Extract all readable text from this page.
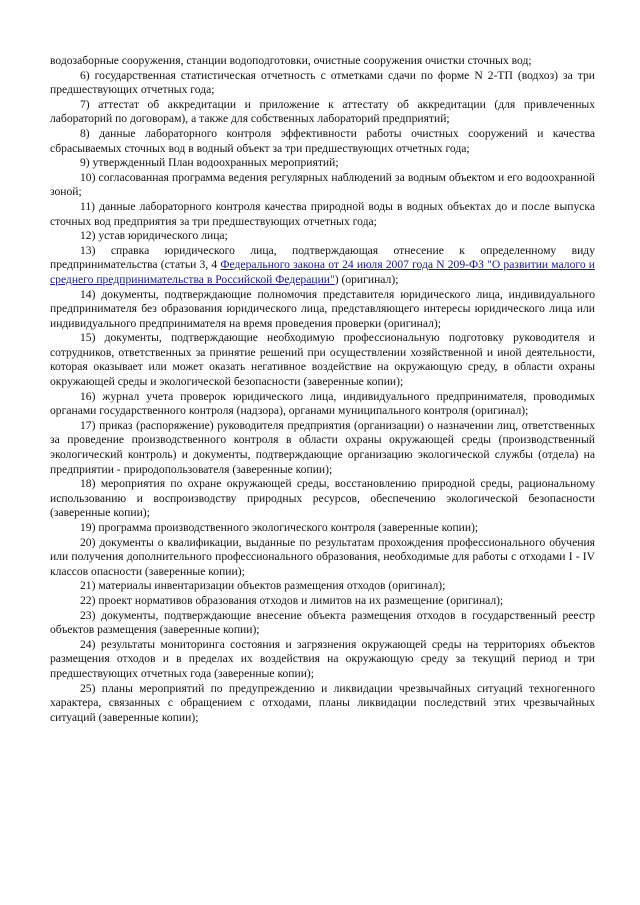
водозаборные сооружения, станции водоподготовки, очистные сооружения очистки сточных вод;

6) государственная статистическая отчетность с отметками сдачи по форме N 2-ТП (водхоз) за три предшествующих отчетных года;

7) аттестат об аккредитации и приложение к аттестату об аккредитации (для привлеченных лабораторий по договорам), а также для собственных лабораторий предприятий;

8) данные лабораторного контроля эффективности работы очистных сооружений и качества сбрасываемых сточных вод в водный объект за три предшествующих отчетных года;

9) утвержденный План водоохранных мероприятий;

10) согласованная программа ведения регулярных наблюдений за водным объектом и его водоохранной зоной;

11) данные лабораторного контроля качества природной воды в водных объектах до и после выпуска сточных вод предприятия за три предшествующих отчетных года;

12) устав юридического лица;

13) справка юридического лица, подтверждающая отнесение к определенному виду предпринимательства (статьи 3, 4 Федерального закона от 24 июля 2007 года N 209-ФЗ "О развитии малого и среднего предпринимательства в Российской Федерации") (оригинал);

14) документы, подтверждающие полномочия представителя юридического лица, индивидуального предпринимателя без образования юридического лица, представляющего интересы юридического лица или индивидуального предпринимателя на время проведения проверки (оригинал);

15) документы, подтверждающие необходимую профессиональную подготовку руководителя и сотрудников, ответственных за принятие решений при осуществлении хозяйственной и иной деятельности, которая оказывает или может оказать негативное воздействие на окружающую среду, в области охраны окружающей среды и экологической безопасности (заверенные копии);

16) журнал учета проверок юридического лица, индивидуального предпринимателя, проводимых органами государственного контроля (надзора), органами муниципального контроля (оригинал);

17) приказ (распоряжение) руководителя предприятия (организации) о назначении лиц, ответственных за проведение производственного контроля в области охраны окружающей среды (производственный экологический контроль) и документы, подтверждающие организацию экологической службы (отдела) на предприятии - природопользователя (заверенные копии);

18) мероприятия по охране окружающей среды, восстановлению природной среды, рациональному использованию и воспроизводству природных ресурсов, обеспечению экологической безопасности (заверенные копии);

19) программа производственного экологического контроля (заверенные копии);

20) документы о квалификации, выданные по результатам прохождения профессионального обучения или получения дополнительного профессионального образования, необходимые для работы с отходами I - IV классов опасности (заверенные копии);

21) материалы инвентаризации объектов размещения отходов (оригинал);

22) проект нормативов образования отходов и лимитов на их размещение (оригинал);

23) документы, подтверждающие внесение объекта размещения отходов в государственный реестр объектов размещения (заверенные копии);

24) результаты мониторинга состояния и загрязнения окружающей среды на территориях объектов размещения отходов и в пределах их воздействия на окружающую среду за текущий период и три предшествующих отчетных года (заверенные копии);

25) планы мероприятий по предупреждению и ликвидации чрезвычайных ситуаций техногенного характера, связанных с обращением с отходами, планы ликвидации последствий этих чрезвычайных ситуаций (заверенные копии);
